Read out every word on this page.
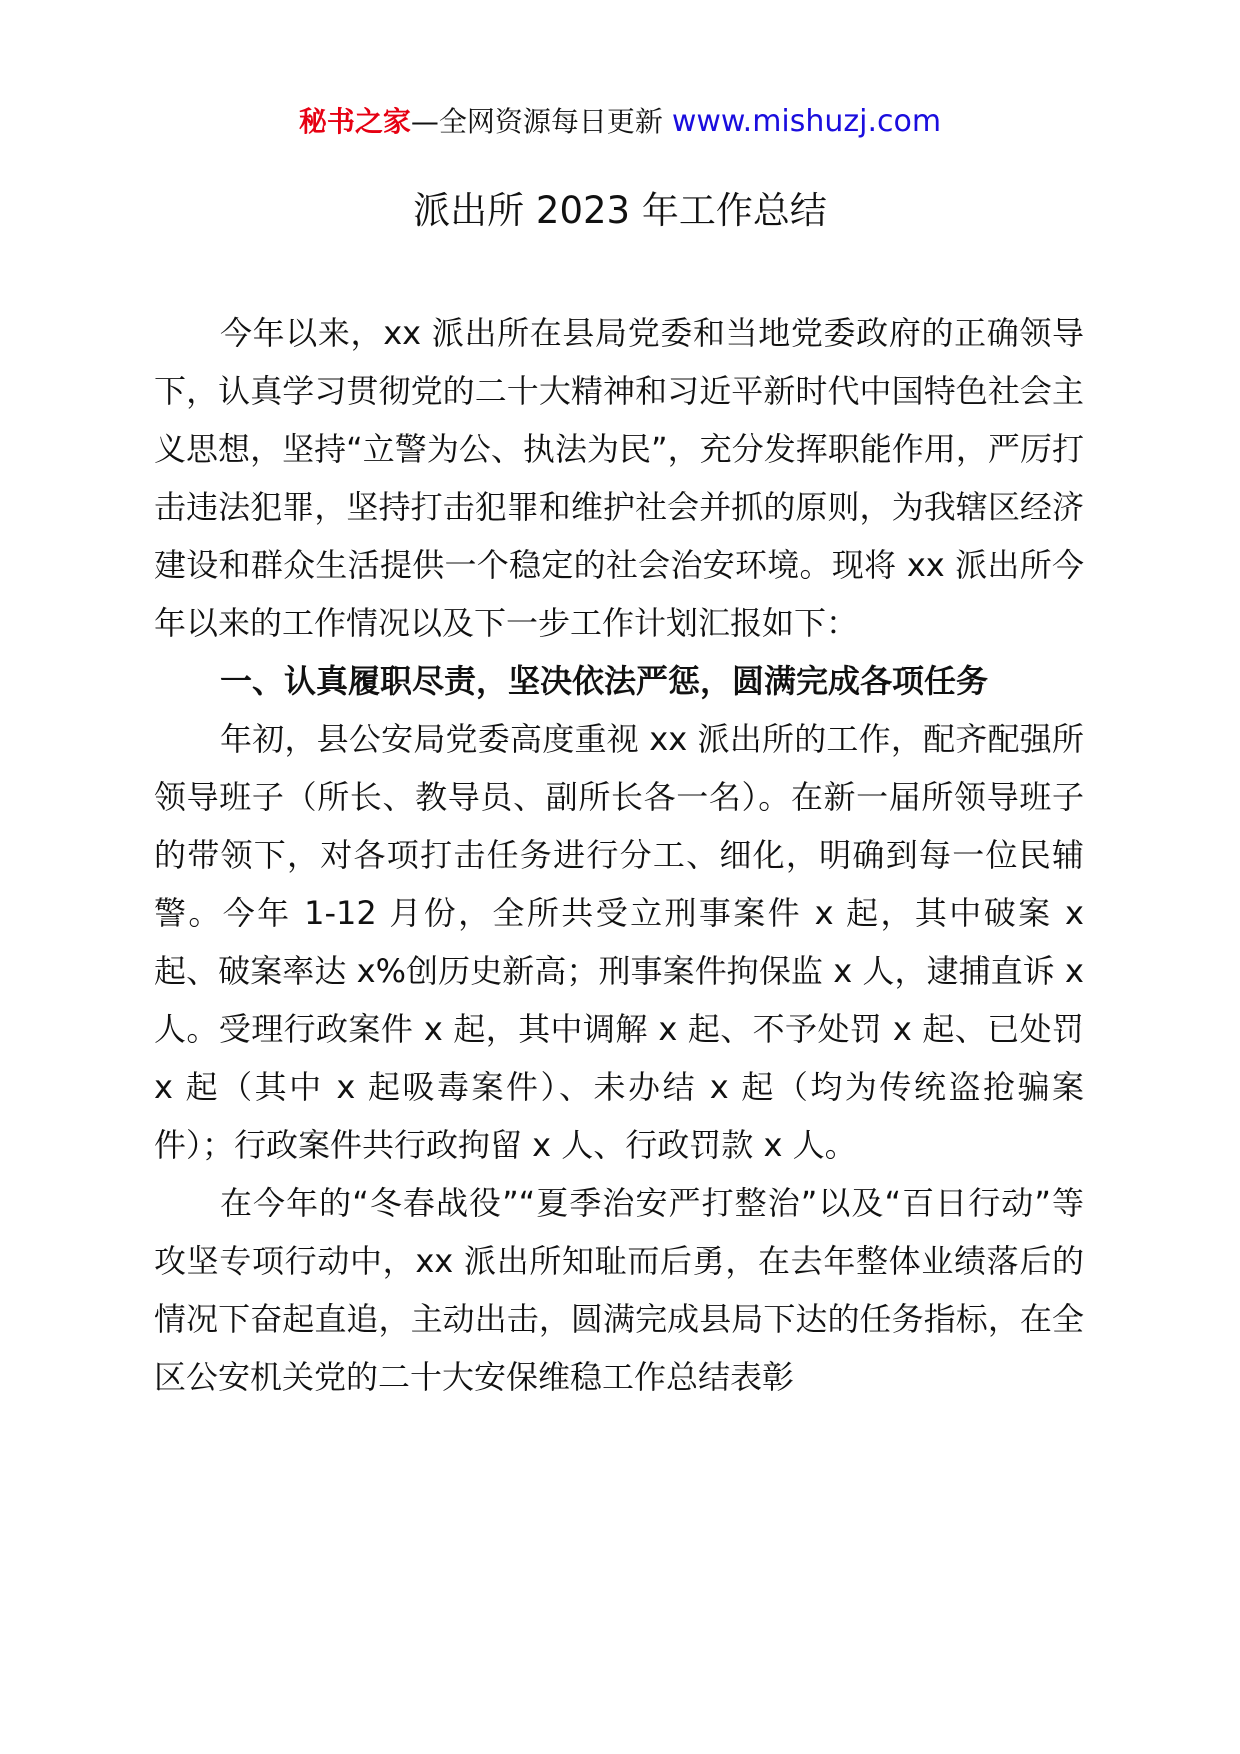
秘书之家—全网资源每日更新 www.mishuzj.com
派出所 2023 年工作总结

今年以来，xx 派出所在县局党委和当地党委政府的正确领导下，认真学习贯彻党的二十大精神和习近平新时代中国特色社会主义思想，坚持“立警为公、执法为民”，充分发挥职能作用，严厉打击违法犯罪，坚持打击犯罪和维护社会并抓的原则，为我辖区经济建设和群众生活提供一个稳定的社会治安环境。现将 xx 派出所今年以来的工作情况以及下一步工作计划汇报如下：

一、认真履职尽责，坚决依法严惩，圆满完成各项任务

年初，县公安局党委高度重视 xx 派出所的工作，配齐配强所领导班子（所长、教导员、副所长各一名）。在新一届所领导班子的带领下，对各项打击任务进行分工、细化，明确到每一位民辅警。今年 1-12 月份，全所共受立刑事案件 x 起，其中破案 x 起、破案率达 x%创历史新高；刑事案件拘保监 x 人，逮捕直诉 x 人。受理行政案件 x 起，其中调解 x 起、不予处罚 x 起、已处罚 x 起（其中 x 起吸毒案件）、未办结 x 起（均为传统盗抢骗案件）；行政案件共行政拘留 x 人、行政罚款 x 人。

在今年的“冬春战役”“夏季治安严打整治”以及“百日行动”等攻坚专项行动中，xx 派出所知耻而后勇，在去年整体业绩落后的情况下奋起直追，主动出击，圆满完成县局下达的任务指标，在全区公安机关党的二十大安保维稳工作总结表彰
